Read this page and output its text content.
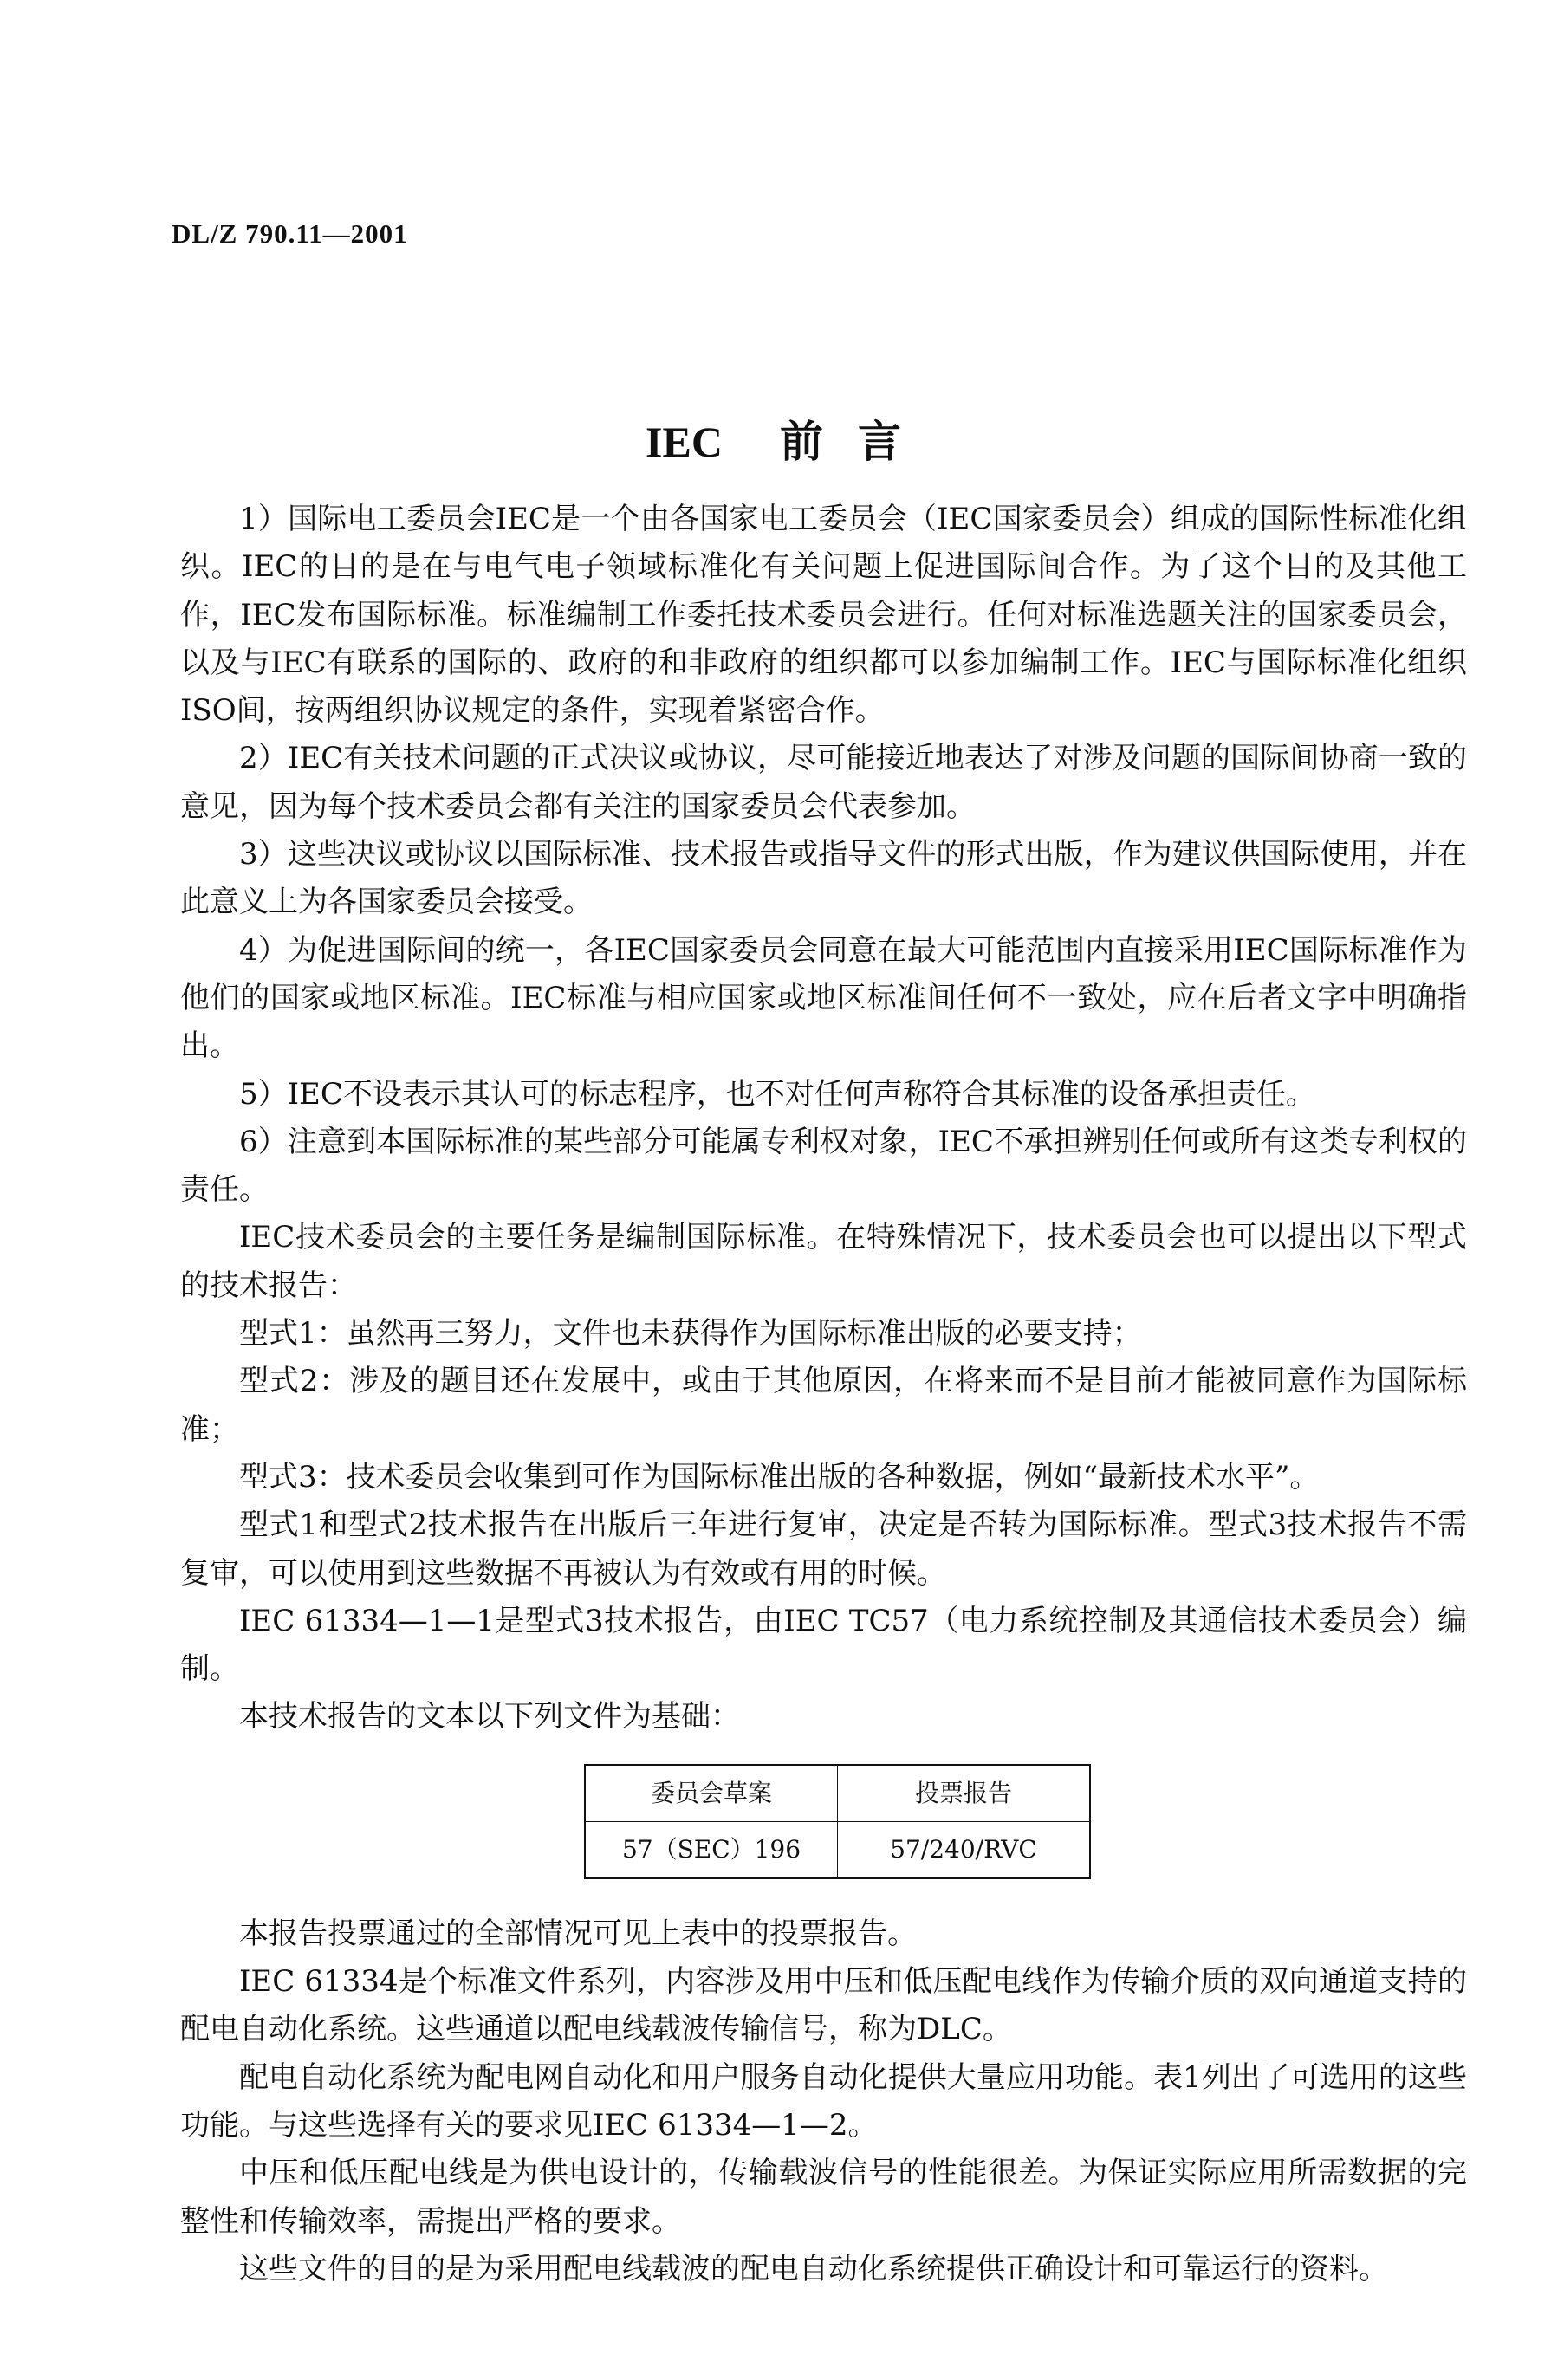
DL/Z 790.11—2001
IEC 前 言

1）国际电工委员会IEC是一个由各国家电工委员会（IEC国家委员会）组成的国际性标准化组织。IEC的目的是在与电气电子领域标准化有关问题上促进国际间合作。为了这个目的及其他工作，IEC发布国际标准。标准编制工作委托技术委员会进行。任何对标准选题关注的国家委员会，以及与IEC有联系的国际的、政府的和非政府的组织都可以参加编制工作。IEC与国际标准化组织ISO间，按两组织协议规定的条件，实现着紧密合作。

2）IEC有关技术问题的正式决议或协议，尽可能接近地表达了对涉及问题的国际间协商一致的意见，因为每个技术委员会都有关注的国家委员会代表参加。

3）这些决议或协议以国际标准、技术报告或指导文件的形式出版，作为建议供国际使用，并在此意义上为各国家委员会接受。

4）为促进国际间的统一，各IEC国家委员会同意在最大可能范围内直接采用IEC国际标准作为他们的国家或地区标准。IEC标准与相应国家或地区标准间任何不一致处，应在后者文字中明确指出。

5）IEC不设表示其认可的标志程序，也不对任何声称符合其标准的设备承担责任。

6）注意到本国际标准的某些部分可能属专利权对象，IEC不承担辨别任何或所有这类专利权的责任。

IEC技术委员会的主要任务是编制国际标准。在特殊情况下，技术委员会也可以提出以下型式的技术报告：

型式1：虽然再三努力，文件也未获得作为国际标准出版的必要支持；

型式2：涉及的题目还在发展中，或由于其他原因，在将来而不是目前才能被同意作为国际标准；

型式3：技术委员会收集到可作为国际标准出版的各种数据，例如“最新技术水平”。

型式1和型式2技术报告在出版后三年进行复审，决定是否转为国际标准。型式3技术报告不需复审，可以使用到这些数据不再被认为有效或有用的时候。

IEC 61334—1—1是型式3技术报告，由IEC TC57（电力系统控制及其通信技术委员会）编制。

本技术报告的文本以下列文件为基础：

委员会草案	投票报告
57（SEC）196	57/240/RVC

本报告投票通过的全部情况可见上表中的投票报告。

IEC 61334是个标准文件系列，内容涉及用中压和低压配电线作为传输介质的双向通道支持的配电自动化系统。这些通道以配电线载波传输信号，称为DLC。

配电自动化系统为配电网自动化和用户服务自动化提供大量应用功能。表1列出了可选用的这些功能。与这些选择有关的要求见IEC 61334—1—2。

中压和低压配电线是为供电设计的，传输载波信号的性能很差。为保证实际应用所需数据的完整性和传输效率，需提出严格的要求。

这些文件的目的是为采用配电线载波的配电自动化系统提供正确设计和可靠运行的资料。
